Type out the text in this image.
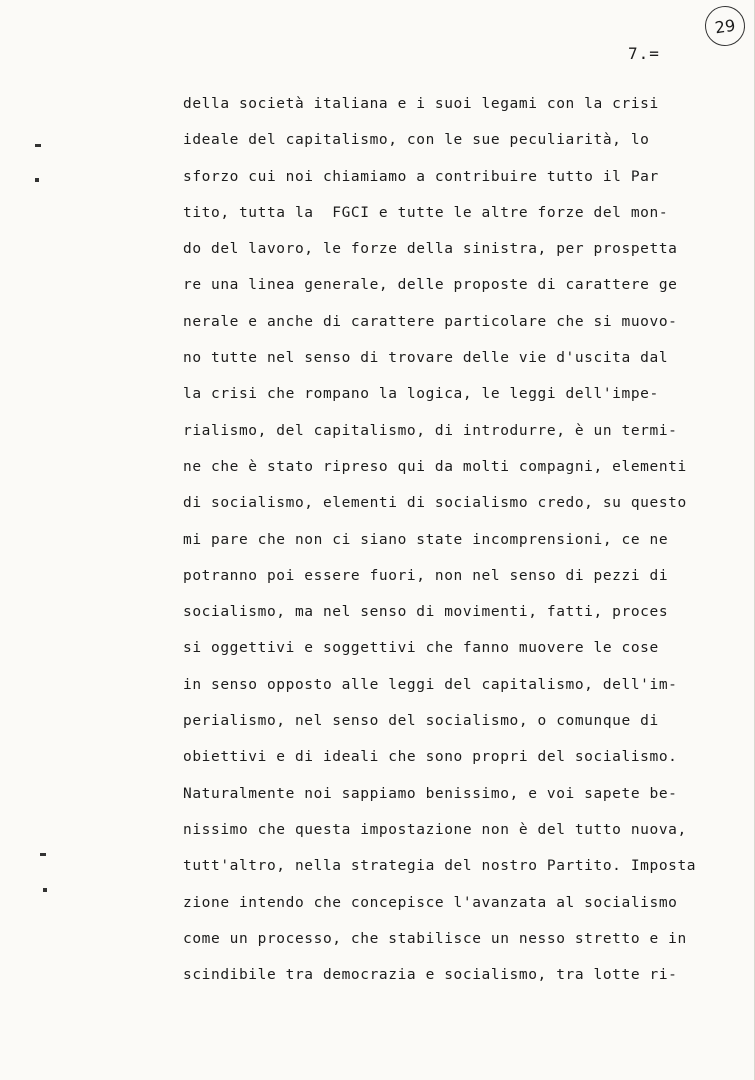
29
7.=
della società italiana e i suoi legami con la crisi
ideale del capitalismo, con le sue peculiarità, lo
sforzo cui noi chiamiamo a contribuire tutto il Par
tito, tutta la  FGCI e tutte le altre forze del mon-
do del lavoro, le forze della sinistra, per prospetta
re una linea generale, delle proposte di carattere ge
nerale e anche di carattere particolare che si muovo-
no tutte nel senso di trovare delle vie d'uscita dal
la crisi che rompano la logica, le leggi dell'impe-
rialismo, del capitalismo, di introdurre, è un termi-
ne che è stato ripreso qui da molti compagni, elementi
di socialismo, elementi di socialismo credo, su questo
mi pare che non ci siano state incomprensioni, ce ne
potranno poi essere fuori, non nel senso di pezzi di
socialismo, ma nel senso di movimenti, fatti, proces
si oggettivi e soggettivi che fanno muovere le cose
in senso opposto alle leggi del capitalismo, dell'im-
perialismo, nel senso del socialismo, o comunque di
obiettivi e di ideali che sono propri del socialismo.
Naturalmente noi sappiamo benissimo, e voi sapete be-
nissimo che questa impostazione non è del tutto nuova,
tutt'altro, nella strategia del nostro Partito. Imposta
zione intendo che concepisce l'avanzata al socialismo
come un processo, che stabilisce un nesso stretto e in
scindibile tra democrazia e socialismo, tra lotte ri-
